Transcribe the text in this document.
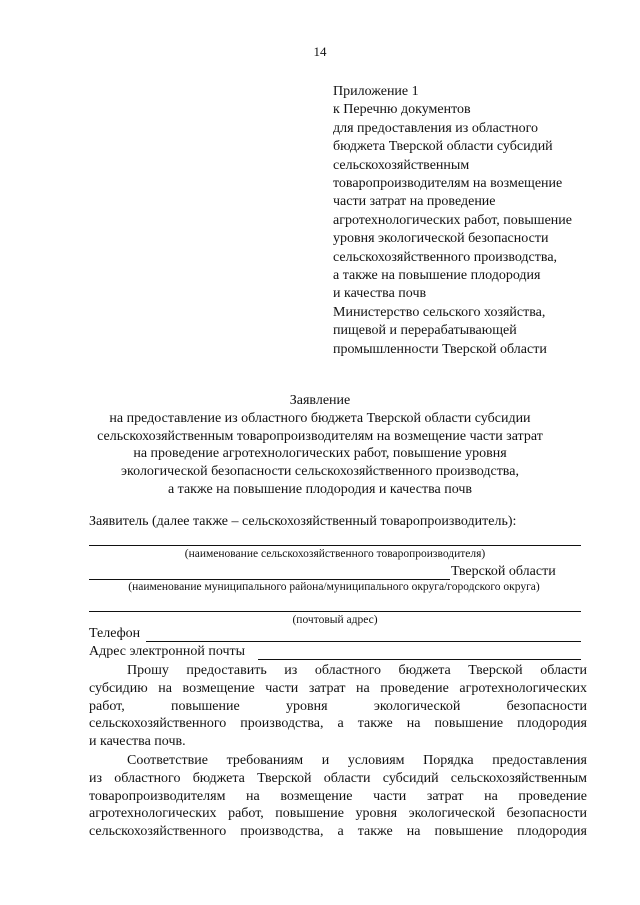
14
Приложение 1
к Перечню документов
для предоставления из областного
бюджета Тверской области субсидий
сельскохозяйственным
товаропроизводителям на возмещение
части затрат на проведение
агротехнологических работ, повышение
уровня экологической безопасности
сельскохозяйственного производства,
а также на повышение плодородия
и качества почв
Министерство сельского хозяйства,
пищевой и перерабатывающей
промышленности Тверской области
Заявление
на предоставление из областного бюджета Тверской области субсидии
сельскохозяйственным товаропроизводителям на возмещение части затрат
на проведение агротехнологических работ, повышение уровня
экологической безопасности сельскохозяйственного производства,
а также на повышение плодородия и качества почв
Заявитель (далее также – сельскохозяйственный товаропроизводитель):
(наименование сельскохозяйственного товаропроизводителя)
Тверской области
(наименование муниципального района/муниципального округа/городского округа)
(почтовый адрес)
Телефон
Адрес электронной почты
Прошу предоставить из областного бюджета Тверской области
субсидию на возмещение части затрат на проведение агротехнологических
работ, повышение уровня экологической безопасности
сельскохозяйственного производства, а также на повышение плодородия
и качества почв.
Соответствие требованиям и условиям Порядка предоставления
из областного бюджета Тверской области субсидий сельскохозяйственным
товаропроизводителям на возмещение части затрат на проведение
агротехнологических работ, повышение уровня экологической безопасности
сельскохозяйственного производства, а также на повышение плодородия
